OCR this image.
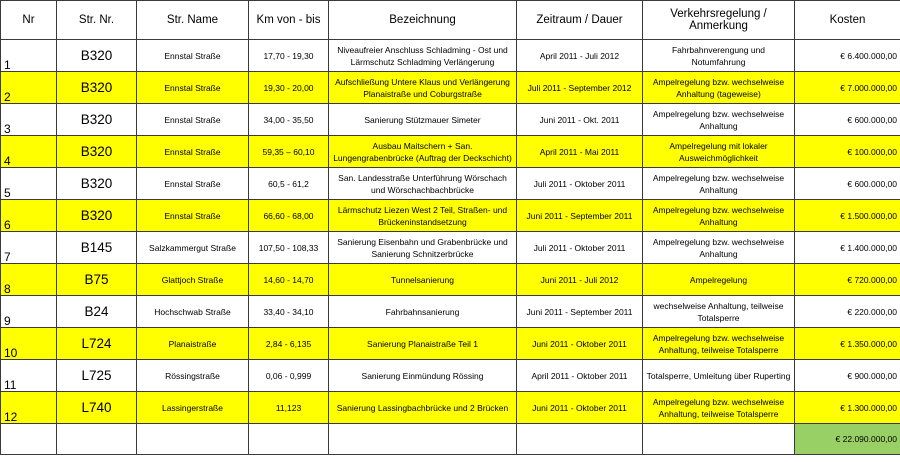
Nr	Str. Nr.	Str. Name	Km von - bis	Bezeichnung	Zeitraum / Dauer	Verkehrsregelung /
Anmerkung	Kosten
1	B320	Ennstal Straße	17,70 - 19,30	Niveaufreier Anschluss Schladming - Ost und Lärmschutz Schladming Verlängerung	April 2011 - Juli 2012	Fahrbahnverengung und Notumfahrung	€ 6.400.000,00
2	B320	Ennstal Straße	19,30 - 20,00	Aufschließung Untere Klaus und Verlängerung Planaistraße und Coburgstraße	Juli 2011 - September 2012	Ampelregelung bzw. wechselweise Anhaltung (tageweise)	€ 7.000.000,00
3	B320	Ennstal Straße	34,00 - 35,50	Sanierung Stützmauer Simeter	Juni 2011 - Okt. 2011	Ampelregelung bzw. wechselweise Anhaltung	€ 600.000,00
4	B320	Ennstal Straße	59,35 – 60,10	Ausbau Maitschern + San. Lungengrabenbrücke (Auftrag der Deckschicht)	April 2011 - Mai 2011	Ampelregelung mit lokaler Ausweichmöglichkeit	€ 100.000,00
5	B320	Ennstal Straße	60,5 - 61,2	San. Landesstraße Unterführung Wörschach und Wörschachbachbrücke	Juli 2011 - Oktober 2011	Ampelregelung bzw. wechselweise Anhaltung	€ 600.000,00
6	B320	Ennstal Straße	66,60 - 68,00	Lärmschutz Liezen West 2 Teil, Straßen- und Brückeninstandsetzung	Juni 2011 - September 2011	Ampelregelung bzw. wechselweise Anhaltung	€ 1.500.000,00
7	B145	Salzkammergut Straße	107,50 - 108,33	Sanierung Eisenbahn und Grabenbrücke und Sanierung Schnitzerbrücke	Juli 2011 - Oktober 2011	Ampelregelung bzw. wechselweise Anhaltung	€ 1.400.000,00
8	B75	Glattjoch Straße	14,60 - 14,70	Tunnelsanierung	Juni 2011 - Juli 2012	Ampelregelung	€ 720.000,00
9	B24	Hochschwab Straße	33,40 - 34,10	Fahrbahnsanierung	Juni 2011 - September 2011	wechselweise Anhaltung, teilweise Totalsperre	€ 220.000,00
10	L724	Planaistraße	2,84 - 6,135	Sanierung Planaistraße Teil 1	Juni 2011 - Oktober 2011	Ampelregelung bzw. wechselweise Anhaltung, teilweise Totalsperre	€ 1.350.000,00
11	L725	Rössingstraße	0,06 - 0,999	Sanierung Einmündung Rössing	April 2011 - Oktober 2011	Totalsperre, Umleitung über Ruperting	€ 900.000,00
12	L740	Lassingerstraße	11,123	Sanierung Lassingbachbrücke und 2 Brücken	Juni 2011 - Oktober 2011	Ampelregelung bzw. wechselweise Anhaltung, teilweise Totalsperre	€ 1.300.000,00
							€ 22.090.000,00
